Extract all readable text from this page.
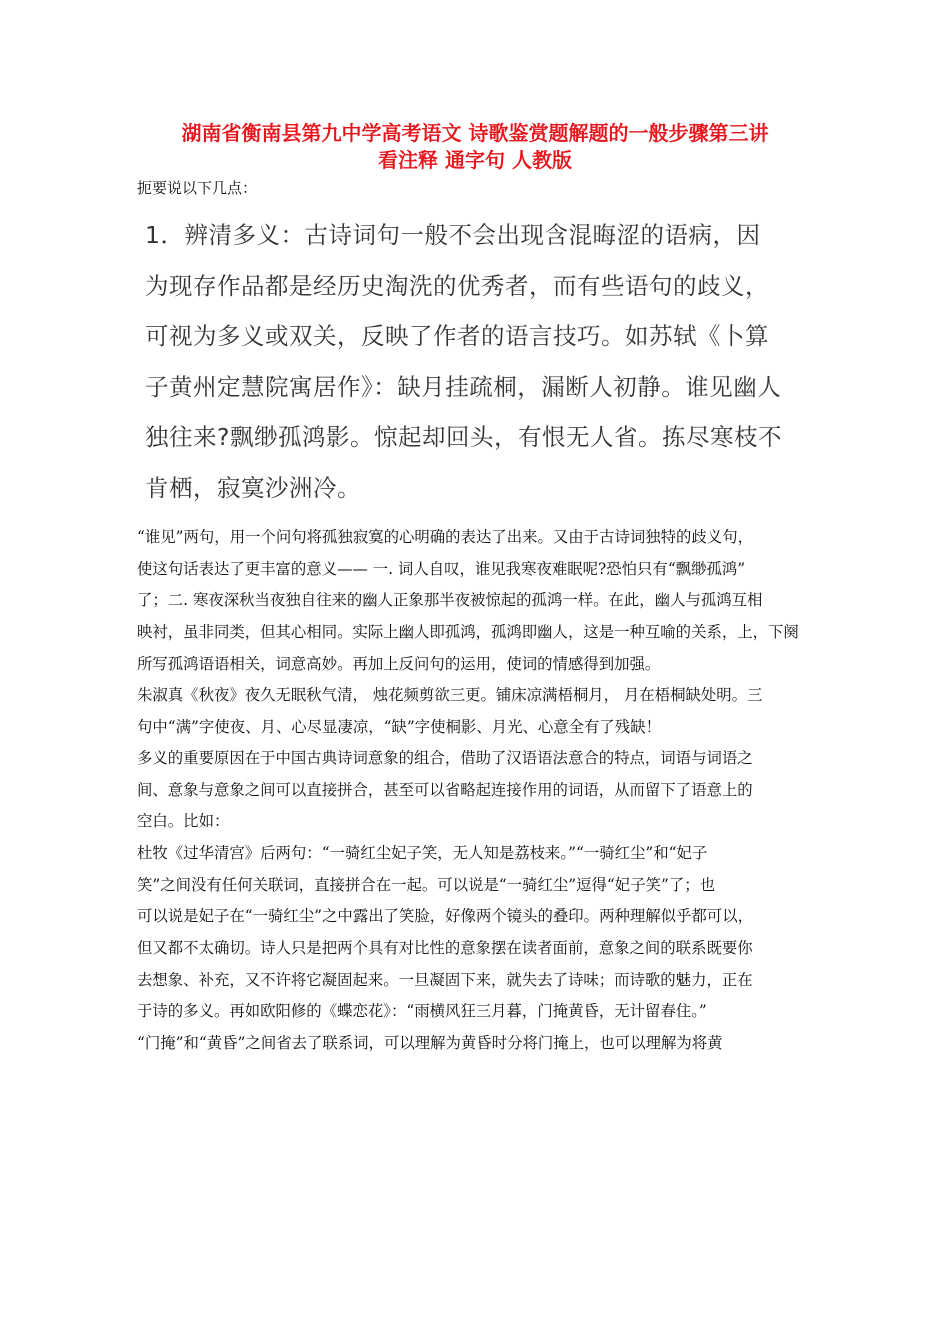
湖南省衡南县第九中学高考语文 诗歌鉴赏题解题的一般步骤第三讲
看注释 通字句 人教版
扼要说以下几点：
1．辨清多义：古诗词句一般不会出现含混晦涩的语病，因
为现存作品都是经历史淘洗的优秀者，而有些语句的歧义，
可视为多义或双关，反映了作者的语言技巧。如苏轼《卜算
子黄州定慧院寓居作》：缺月挂疏桐，漏断人初静。谁见幽人
独往来?飘缈孤鸿影。惊起却回头，有恨无人省。拣尽寒枝不
肯栖，寂寞沙洲冷。
“谁见”两句，用一个问句将孤独寂寞的心明确的表达了出来。又由于古诗词独特的歧义句，
使这句话表达了更丰富的意义—— 一. 词人自叹，谁见我寒夜难眠呢?恐怕只有“飘缈孤鸿”
了；二. 寒夜深秋当夜独自往来的幽人正象那半夜被惊起的孤鸿一样。在此，幽人与孤鸿互相
映衬，虽非同类，但其心相同。实际上幽人即孤鸿，孤鸿即幽人，这是一种互喻的关系，上，下阕
所写孤鸿语语相关，词意高妙。再加上反问句的运用，使词的情感得到加强。
朱淑真《秋夜》夜久无眠秋气清， 烛花频剪欲三更。铺床凉满梧桐月， 月在梧桐缺处明。三
句中“满”字使夜、月、心尽显凄凉，“缺”字使桐影、月光、心意全有了残缺！
多义的重要原因在于中国古典诗词意象的组合，借助了汉语语法意合的特点，词语与词语之
间、意象与意象之间可以直接拼合，甚至可以省略起连接作用的词语，从而留下了语意上的
空白。比如：
杜牧《过华清宫》后两句：“一骑红尘妃子笑，无人知是荔枝来。”“一骑红尘”和“妃子
笑”之间没有任何关联词，直接拼合在一起。可以说是“一骑红尘”逗得“妃子笑”了；也
可以说是妃子在“一骑红尘”之中露出了笑脸，好像两个镜头的叠印。两种理解似乎都可以，
但又都不太确切。诗人只是把两个具有对比性的意象摆在读者面前，意象之间的联系既要你
去想象、补充，又不许将它凝固起来。一旦凝固下来，就失去了诗味；而诗歌的魅力，正在
于诗的多义。再如欧阳修的《蝶恋花》：“雨横风狂三月暮，门掩黄昏，无计留春住。”
“门掩”和“黄昏”之间省去了联系词，可以理解为黄昏时分将门掩上，也可以理解为将黄
